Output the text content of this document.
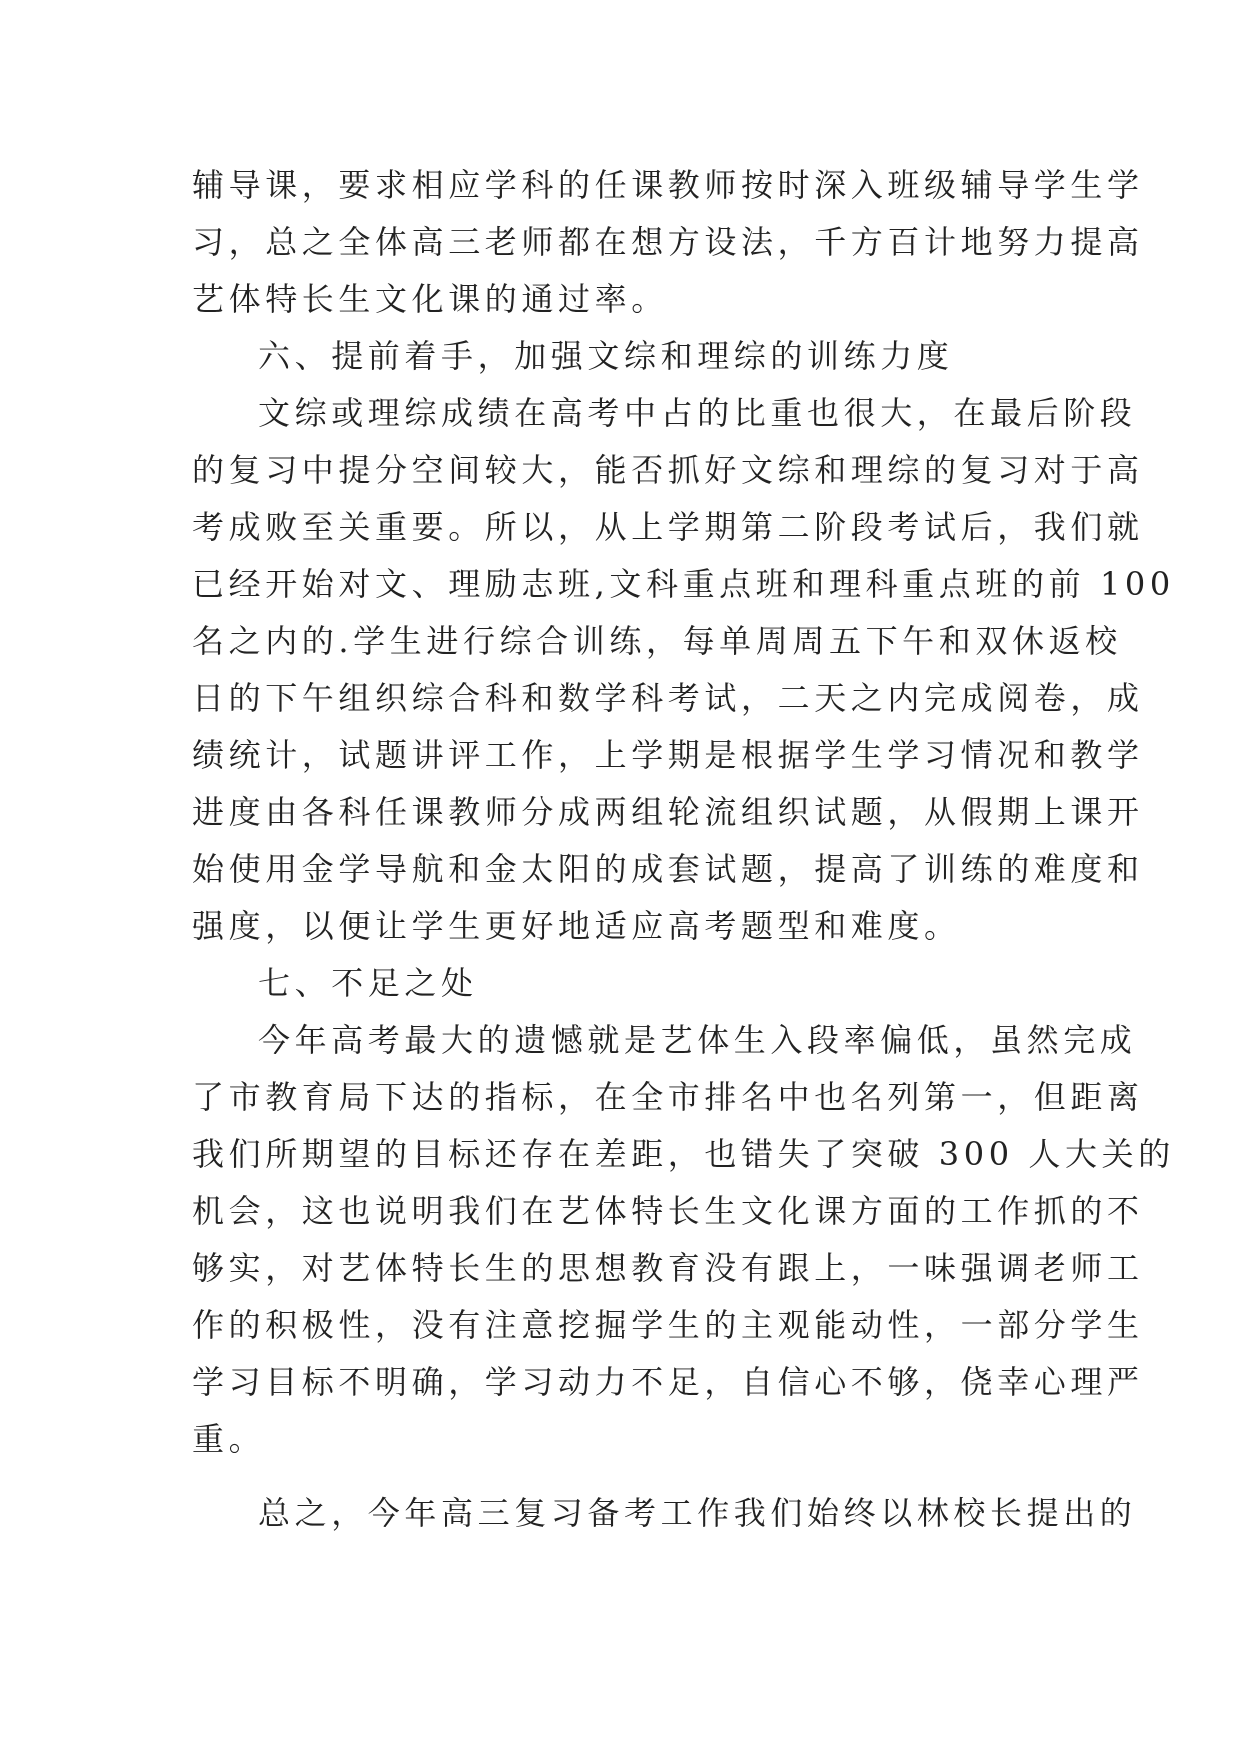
辅导课，要求相应学科的任课教师按时深入班级辅导学生学
习，总之全体高三老师都在想方设法，千方百计地努力提高
艺体特长生文化课的通过率。
六、提前着手，加强文综和理综的训练力度
文综或理综成绩在高考中占的比重也很大，在最后阶段
的复习中提分空间较大，能否抓好文综和理综的复习对于高
考成败至关重要。所以，从上学期第二阶段考试后，我们就
已经开始对文、理励志班,文科重点班和理科重点班的前 100
名之内的.学生进行综合训练，每单周周五下午和双休返校
日的下午组织综合科和数学科考试，二天之内完成阅卷，成
绩统计，试题讲评工作，上学期是根据学生学习情况和教学
进度由各科任课教师分成两组轮流组织试题，从假期上课开
始使用金学导航和金太阳的成套试题，提高了训练的难度和
强度，以便让学生更好地适应高考题型和难度。
七、不足之处
今年高考最大的遗憾就是艺体生入段率偏低，虽然完成
了市教育局下达的指标，在全市排名中也名列第一，但距离
我们所期望的目标还存在差距，也错失了突破 300 人大关的
机会，这也说明我们在艺体特长生文化课方面的工作抓的不
够实，对艺体特长生的思想教育没有跟上，一味强调老师工
作的积极性，没有注意挖掘学生的主观能动性，一部分学生
学习目标不明确，学习动力不足，自信心不够，侥幸心理严
重。
总之，今年高三复习备考工作我们始终以林校长提出的
